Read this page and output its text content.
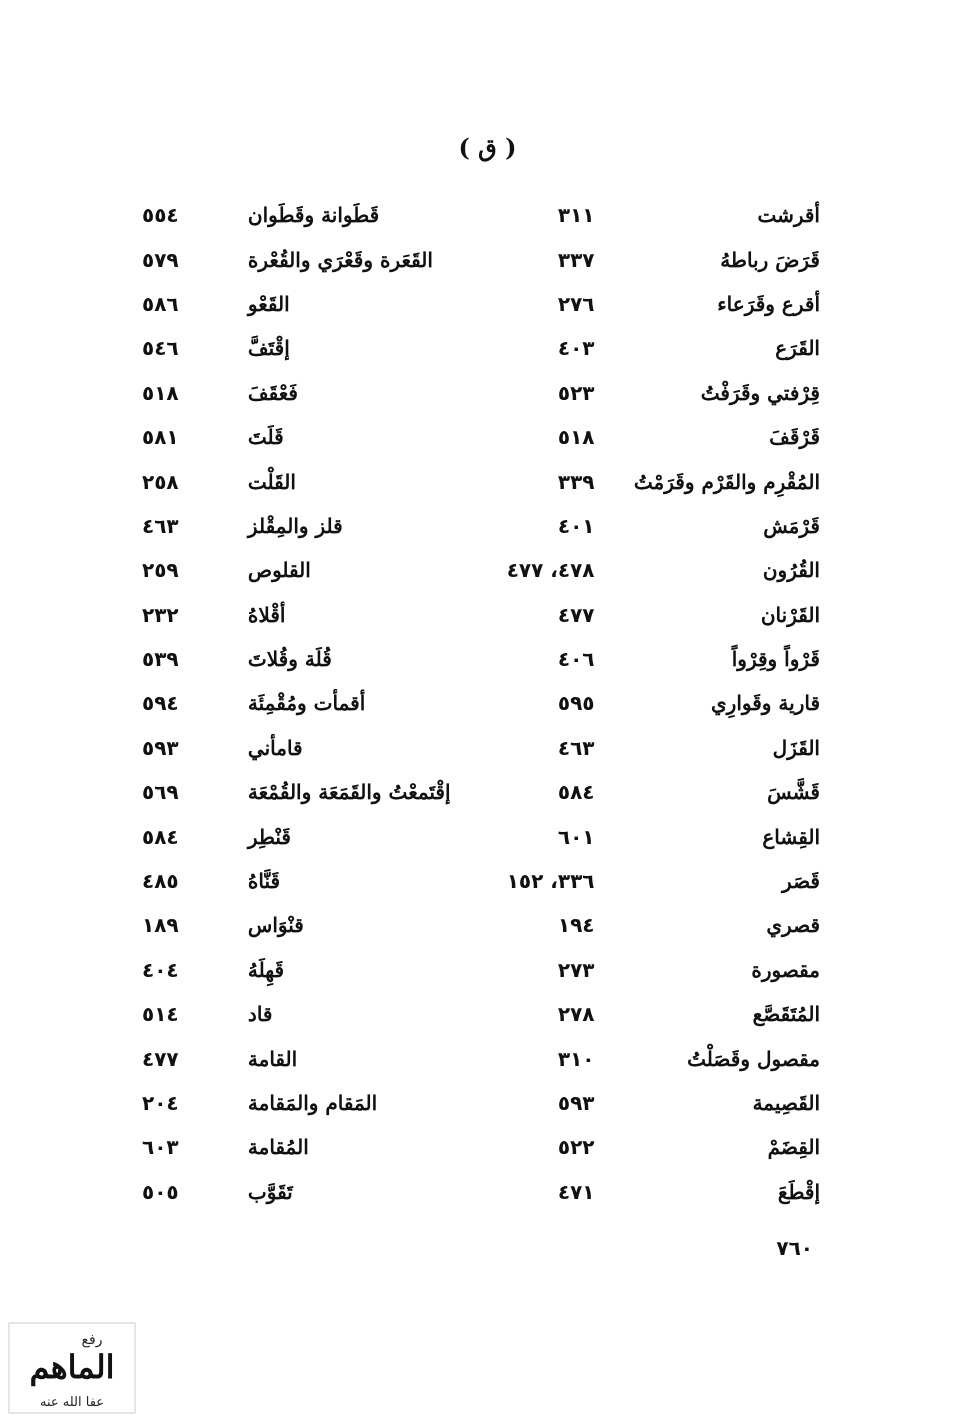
( ق )
أقرشت	٣١١	قَطَوانة وقَطَوان	٥٥٤
قَرَضَ رباطهُ	٣٣٧	القَعَرة وقَعْرَي والقُعْرة	٥٧٩
أقرع وقَرَعاء	٢٧٦	القَعْو	٥٨٦
القَرَع	٤٠٣	إقْتَفَّ	٥٤٦
قِرْفتي وقَرَفْتُ	٥٢٣	فَعْقَفَ	٥١٨
قَرْقَفَ	٥١٨	قَلَتَ	٥٨١
المُقْرِم والقَرْم وقَرَمْتُ	٣٣٩	القَلْت	٢٥٨
قَرْمَش	٤٠١	قلز والمِقْلز	٤٦٣
القُرُون	٤٧٨، ٤٧٧	القلوص	٢٥٩
القَرْنان	٤٧٧	أقْلاهُ	٢٣٢
قَرْواً وقِرْواً	٤٠٦	قُلَة وقُلاتَ	٥٣٩
قارية وقَوارِي	٥٩٥	أقمأت ومُقْمِئَة	٥٩٤
القَزَل	٤٦٣	قامأني	٥٩٣
قَشَّسَ	٥٨٤	إقْتَمعْتُ والقَمَعَة والقُمْعَة	٥٦٩
القِشاع	٦٠١	قَنْطِر	٥٨٤
قَصَر	٣٣٦، ١٥٢	قَنَّاهُ	٤٨٥
قصري	١٩٤	قنْوَاس	١٨٩
مقصورة	٢٧٣	قَهِلَهُ	٤٠٤
المُتَقَصَّع	٢٧٨	قاد	٥١٤
مقصول وقَصَلْتُ	٣١٠	القامة	٤٧٧
القَصِيمة	٥٩٣	المَقام والمَقامة	٢٠٤
القِضَمْ	٥٢٢	المُقامة	٦٠٣
إقْطَعَ	٤٧١	تَقَوَّب	٥٠٥
٧٦٠
رفع
الماهم
عفا الله عنه
